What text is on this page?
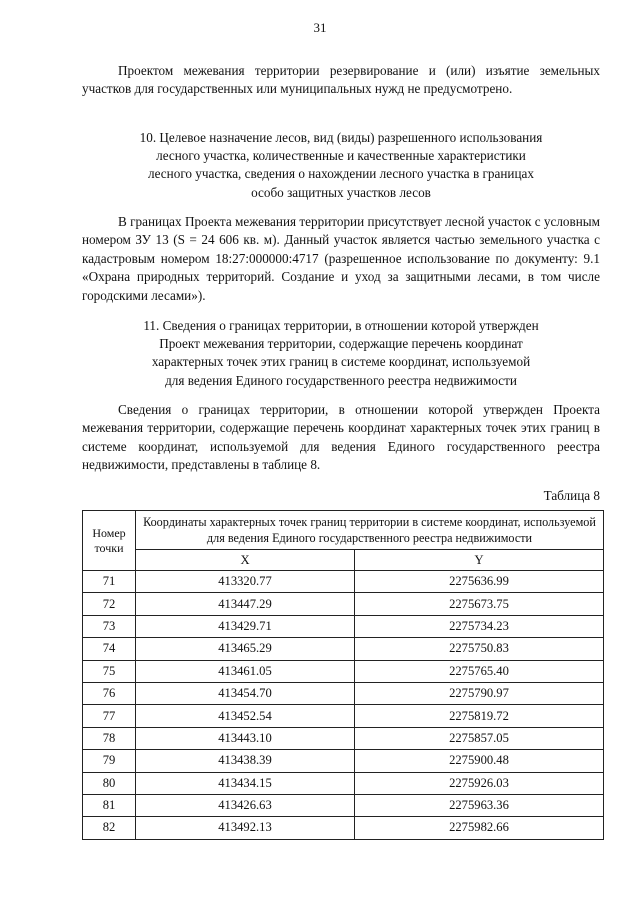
31

Проектом межевания территории резервирование и (или) изъятие земельных участков для государственных или муниципальных нужд не предусмотрено.

10. Целевое назначение лесов, вид (виды) разрешенного использования
лесного участка, количественные и качественные характеристики
лесного участка, сведения о нахождении лесного участка в границах
особо защитных участков лесов

В границах Проекта межевания территории присутствует лесной участок с условным номером ЗУ 13 (S = 24 606 кв. м). Данный участок является частью земельного участка с кадастровым номером 18:27:000000:4717 (разрешенное использование по документу: 9.1 «Охрана природных территорий. Создание и уход за защитными лесами, в том числе городскими лесами»).

11. Сведения о границах территории, в отношении которой утвержден
Проект межевания территории, содержащие перечень координат
характерных точек этих границ в системе координат, используемой
для ведения Единого государственного реестра недвижимости

Сведения о границах территории, в отношении которой утвержден Проекта межевания территории, содержащие перечень координат характерных точек этих границ в системе координат, используемой для ведения Единого государственного реестра недвижимости, представлены в таблице 8.

Таблица 8
Номер точки	Координаты характерных точек границ территории в системе координат, используемой для ведения Единого государственного реестра недвижимости	
	X	Y
71	413320.77	2275636.99
72	413447.29	2275673.75
73	413429.71	2275734.23
74	413465.29	2275750.83
75	413461.05	2275765.40
76	413454.70	2275790.97
77	413452.54	2275819.72
78	413443.10	2275857.05
79	413438.39	2275900.48
80	413434.15	2275926.03
81	413426.63	2275963.36
82	413492.13	2275982.66
